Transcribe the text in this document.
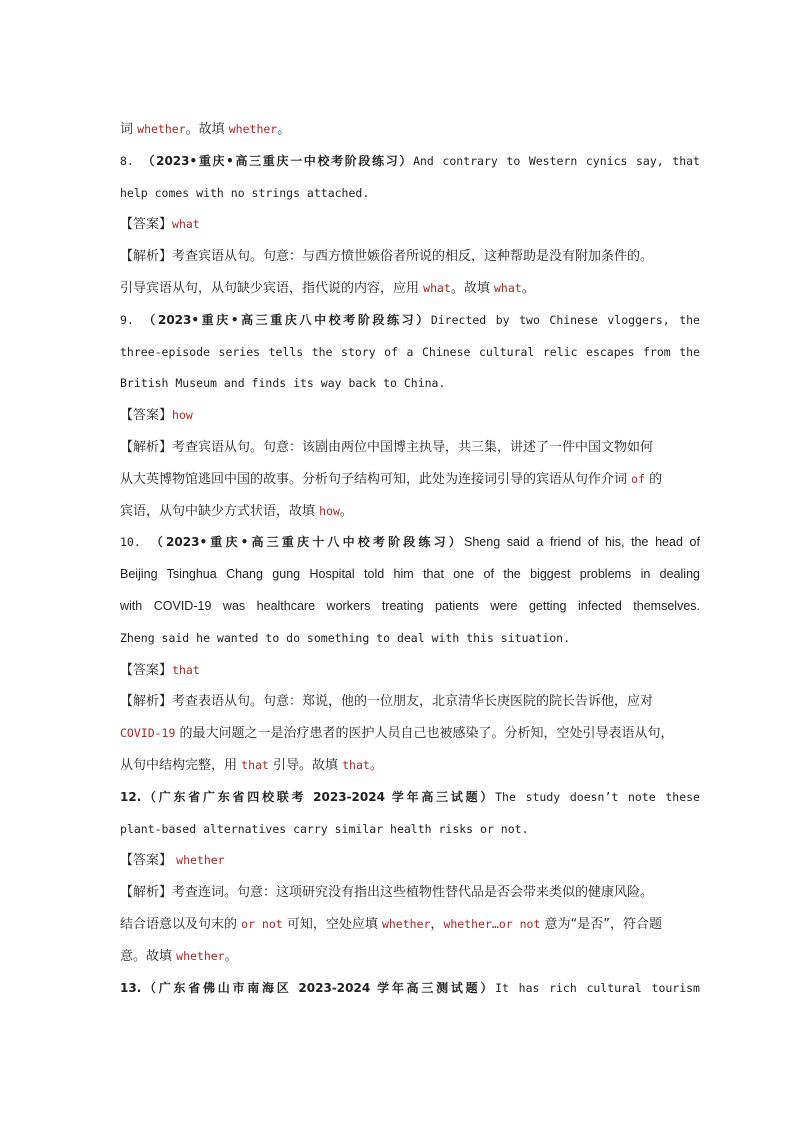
词 whether。故填 whether。
8. （2023•重庆•高三重庆一中校考阶段练习）And contrary to Western cynics say, that
help comes with no strings attached.
【答案】what
【解析】考查宾语从句。句意：与西方愤世嫉俗者所说的相反，这种帮助是没有附加条件的。
引导宾语从句，从句缺少宾语，指代说的内容，应用 what。故填 what。
9. （2023•重庆•高三重庆八中校考阶段练习）Directed by two Chinese vloggers, the
three-episode series tells the story of a Chinese cultural relic escapes from the
British Museum and finds its way back to China.
【答案】how
【解析】考查宾语从句。句意：该剧由两位中国博主执导，共三集，讲述了一件中国文物如何
从大英博物馆逃回中国的故事。分析句子结构可知，此处为连接词引导的宾语从句作介词 of 的
宾语，从句中缺少方式状语，故填 how。
10. （2023•重庆•高三重庆十八中校考阶段练习）Sheng said a friend of his, the head of
Beijing Tsinghua Chang gung Hospital told him that one of the biggest problems in dealing
with COVID-19 was healthcare workers treating patients were getting infected themselves.
Zheng said he wanted to do something to deal with this situation.
【答案】that
【解析】考查表语从句。句意：郑说，他的一位朋友，北京清华长庚医院的院长告诉他，应对
COVID-19 的最大问题之一是治疗患者的医护人员自己也被感染了。分析知，空处引导表语从句，
从句中结构完整，用 that 引导。故填 that。
12.（广东省广东省四校联考 2023-2024 学年高三试题）The study doesn’t note these
plant-based alternatives carry similar health risks or not.
【答案】 whether
【解析】考查连词。句意：这项研究没有指出这些植物性替代品是否会带来类似的健康风险。
结合语意以及句末的 or not 可知，空处应填 whether，whether…or not 意为“是否”，符合题
意。故填 whether。
13.（广东省佛山市南海区 2023-2024 学年高三测试题）It has rich cultural tourism
